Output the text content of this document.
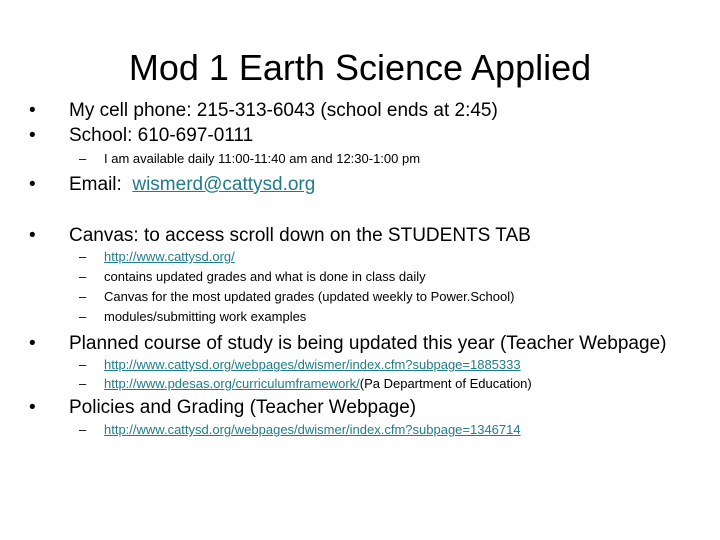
Mod 1 Earth Science Applied
• My cell phone: 215-313-6043 (school ends at 2:45)
• School: 610-697-0111
– I am available daily 11:00-11:40 am and 12:30-1:00 pm
• Email:  wismerd@cattysd.org
• Canvas: to access scroll down on the STUDENTS TAB
– http://www.cattysd.org/
– contains updated grades and what is done in class daily
– Canvas for the most updated grades (updated weekly to Power.School)
– modules/submitting work examples
• Planned course of study is being updated this year (Teacher Webpage)
– http://www.cattysd.org/webpages/dwismer/index.cfm?subpage=1885333
– http://www.pdesas.org/curriculumframework/(Pa Department of Education)
• Policies and Grading (Teacher Webpage)
– http://www.cattysd.org/webpages/dwismer/index.cfm?subpage=1346714
